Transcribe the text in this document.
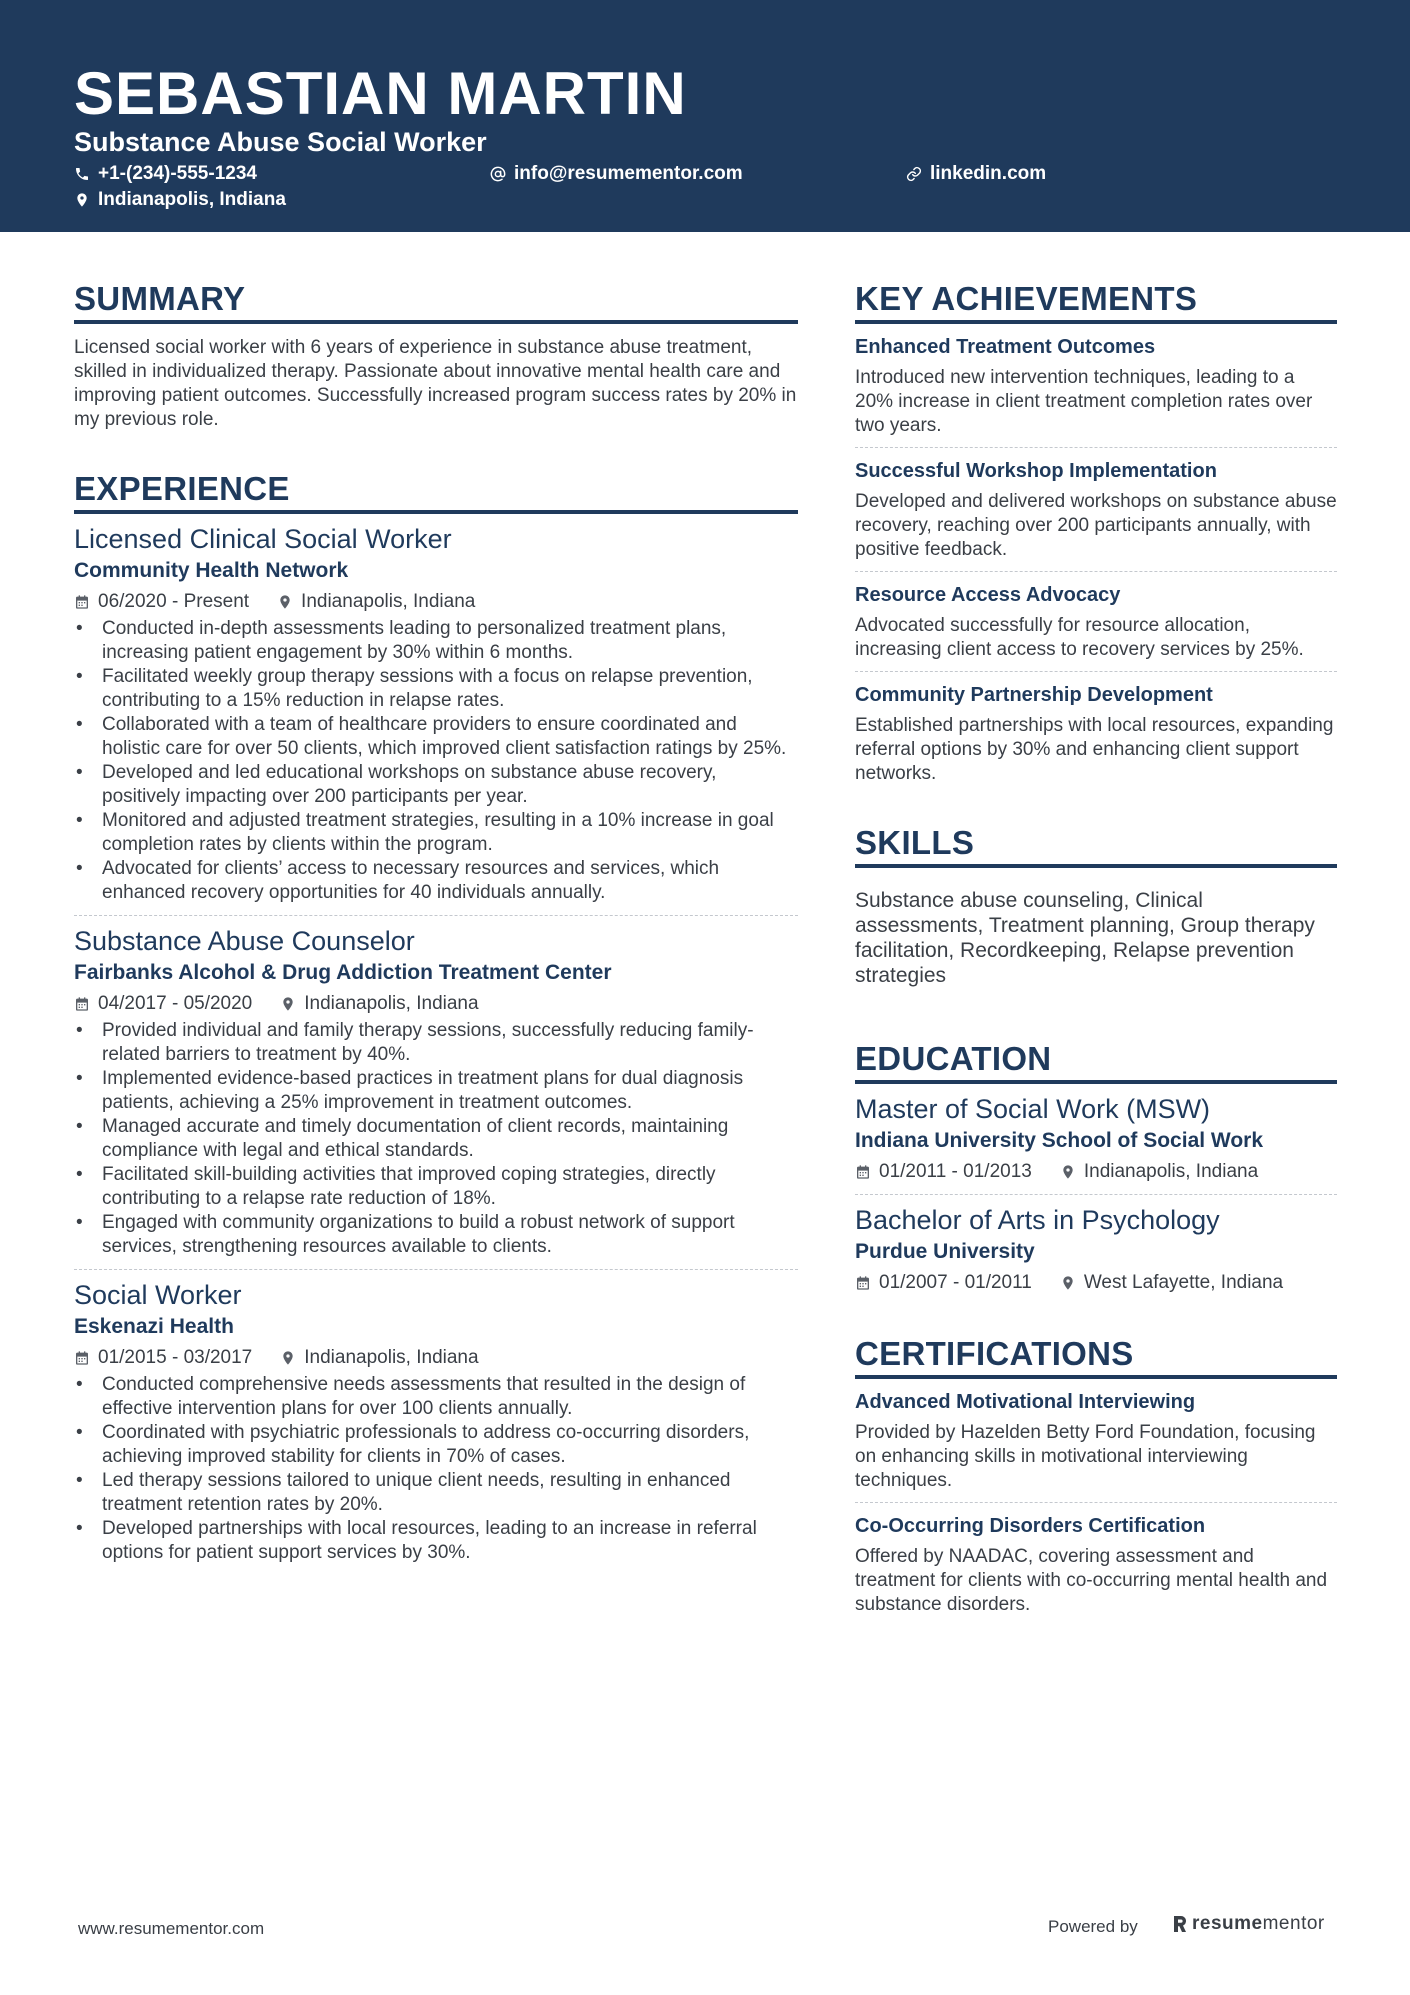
SEBASTIAN MARTIN
Substance Abuse Social Worker
+1-(234)-555-1234	info@resumementor.com	linkedin.com
Indianapolis, Indiana
SUMMARY

Licensed social worker with 6 years of experience in substance abuse treatment, skilled in individualized therapy. Passionate about innovative mental health care and improving patient outcomes. Successfully increased program success rates by 20% in my previous role.

EXPERIENCE
Licensed Clinical Social Worker
Community Health Network
06/2020 - Present	Indianapolis, Indiana
• Conducted in-depth assessments leading to personalized treatment plans, increasing patient engagement by 30% within 6 months.
• Facilitated weekly group therapy sessions with a focus on relapse prevention, contributing to a 15% reduction in relapse rates.
• Collaborated with a team of healthcare providers to ensure coordinated and holistic care for over 50 clients, which improved client satisfaction ratings by 25%.
• Developed and led educational workshops on substance abuse recovery, positively impacting over 200 participants per year.
• Monitored and adjusted treatment strategies, resulting in a 10% increase in goal completion rates by clients within the program.
• Advocated for clients’ access to necessary resources and services, which enhanced recovery opportunities for 40 individuals annually.
Substance Abuse Counselor
Fairbanks Alcohol & Drug Addiction Treatment Center
04/2017 - 05/2020	Indianapolis, Indiana
• Provided individual and family therapy sessions, successfully reducing family-related barriers to treatment by 40%.
• Implemented evidence-based practices in treatment plans for dual diagnosis patients, achieving a 25% improvement in treatment outcomes.
• Managed accurate and timely documentation of client records, maintaining compliance with legal and ethical standards.
• Facilitated skill-building activities that improved coping strategies, directly contributing to a relapse rate reduction of 18%.
• Engaged with community organizations to build a robust network of support services, strengthening resources available to clients.
Social Worker
Eskenazi Health
01/2015 - 03/2017	Indianapolis, Indiana
• Conducted comprehensive needs assessments that resulted in the design of effective intervention plans for over 100 clients annually.
• Coordinated with psychiatric professionals to address co-occurring disorders, achieving improved stability for clients in 70% of cases.
• Led therapy sessions tailored to unique client needs, resulting in enhanced treatment retention rates by 20%.
• Developed partnerships with local resources, leading to an increase in referral options for patient support services by 30%.
KEY ACHIEVEMENTS
Enhanced Treatment Outcomes
Introduced new intervention techniques, leading to a 20% increase in client treatment completion rates over two years.
Successful Workshop Implementation
Developed and delivered workshops on substance abuse recovery, reaching over 200 participants annually, with positive feedback.
Resource Access Advocacy
Advocated successfully for resource allocation, increasing client access to recovery services by 25%.
Community Partnership Development
Established partnerships with local resources, expanding referral options by 30% and enhancing client support networks.
SKILLS

Substance abuse counseling, Clinical assessments, Treatment planning, Group therapy facilitation, Recordkeeping, Relapse prevention strategies

EDUCATION
Master of Social Work (MSW)
Indiana University School of Social Work
01/2011 - 01/2013	Indianapolis, Indiana
Bachelor of Arts in Psychology
Purdue University
01/2007 - 01/2011	West Lafayette, Indiana
CERTIFICATIONS
Advanced Motivational Interviewing
Provided by Hazelden Betty Ford Foundation, focusing on enhancing skills in motivational interviewing techniques.
Co-Occurring Disorders Certification
Offered by NAADAC, covering assessment and treatment for clients with co-occurring mental health and substance disorders.
www.resumementor.com	Powered by	resume mentor
